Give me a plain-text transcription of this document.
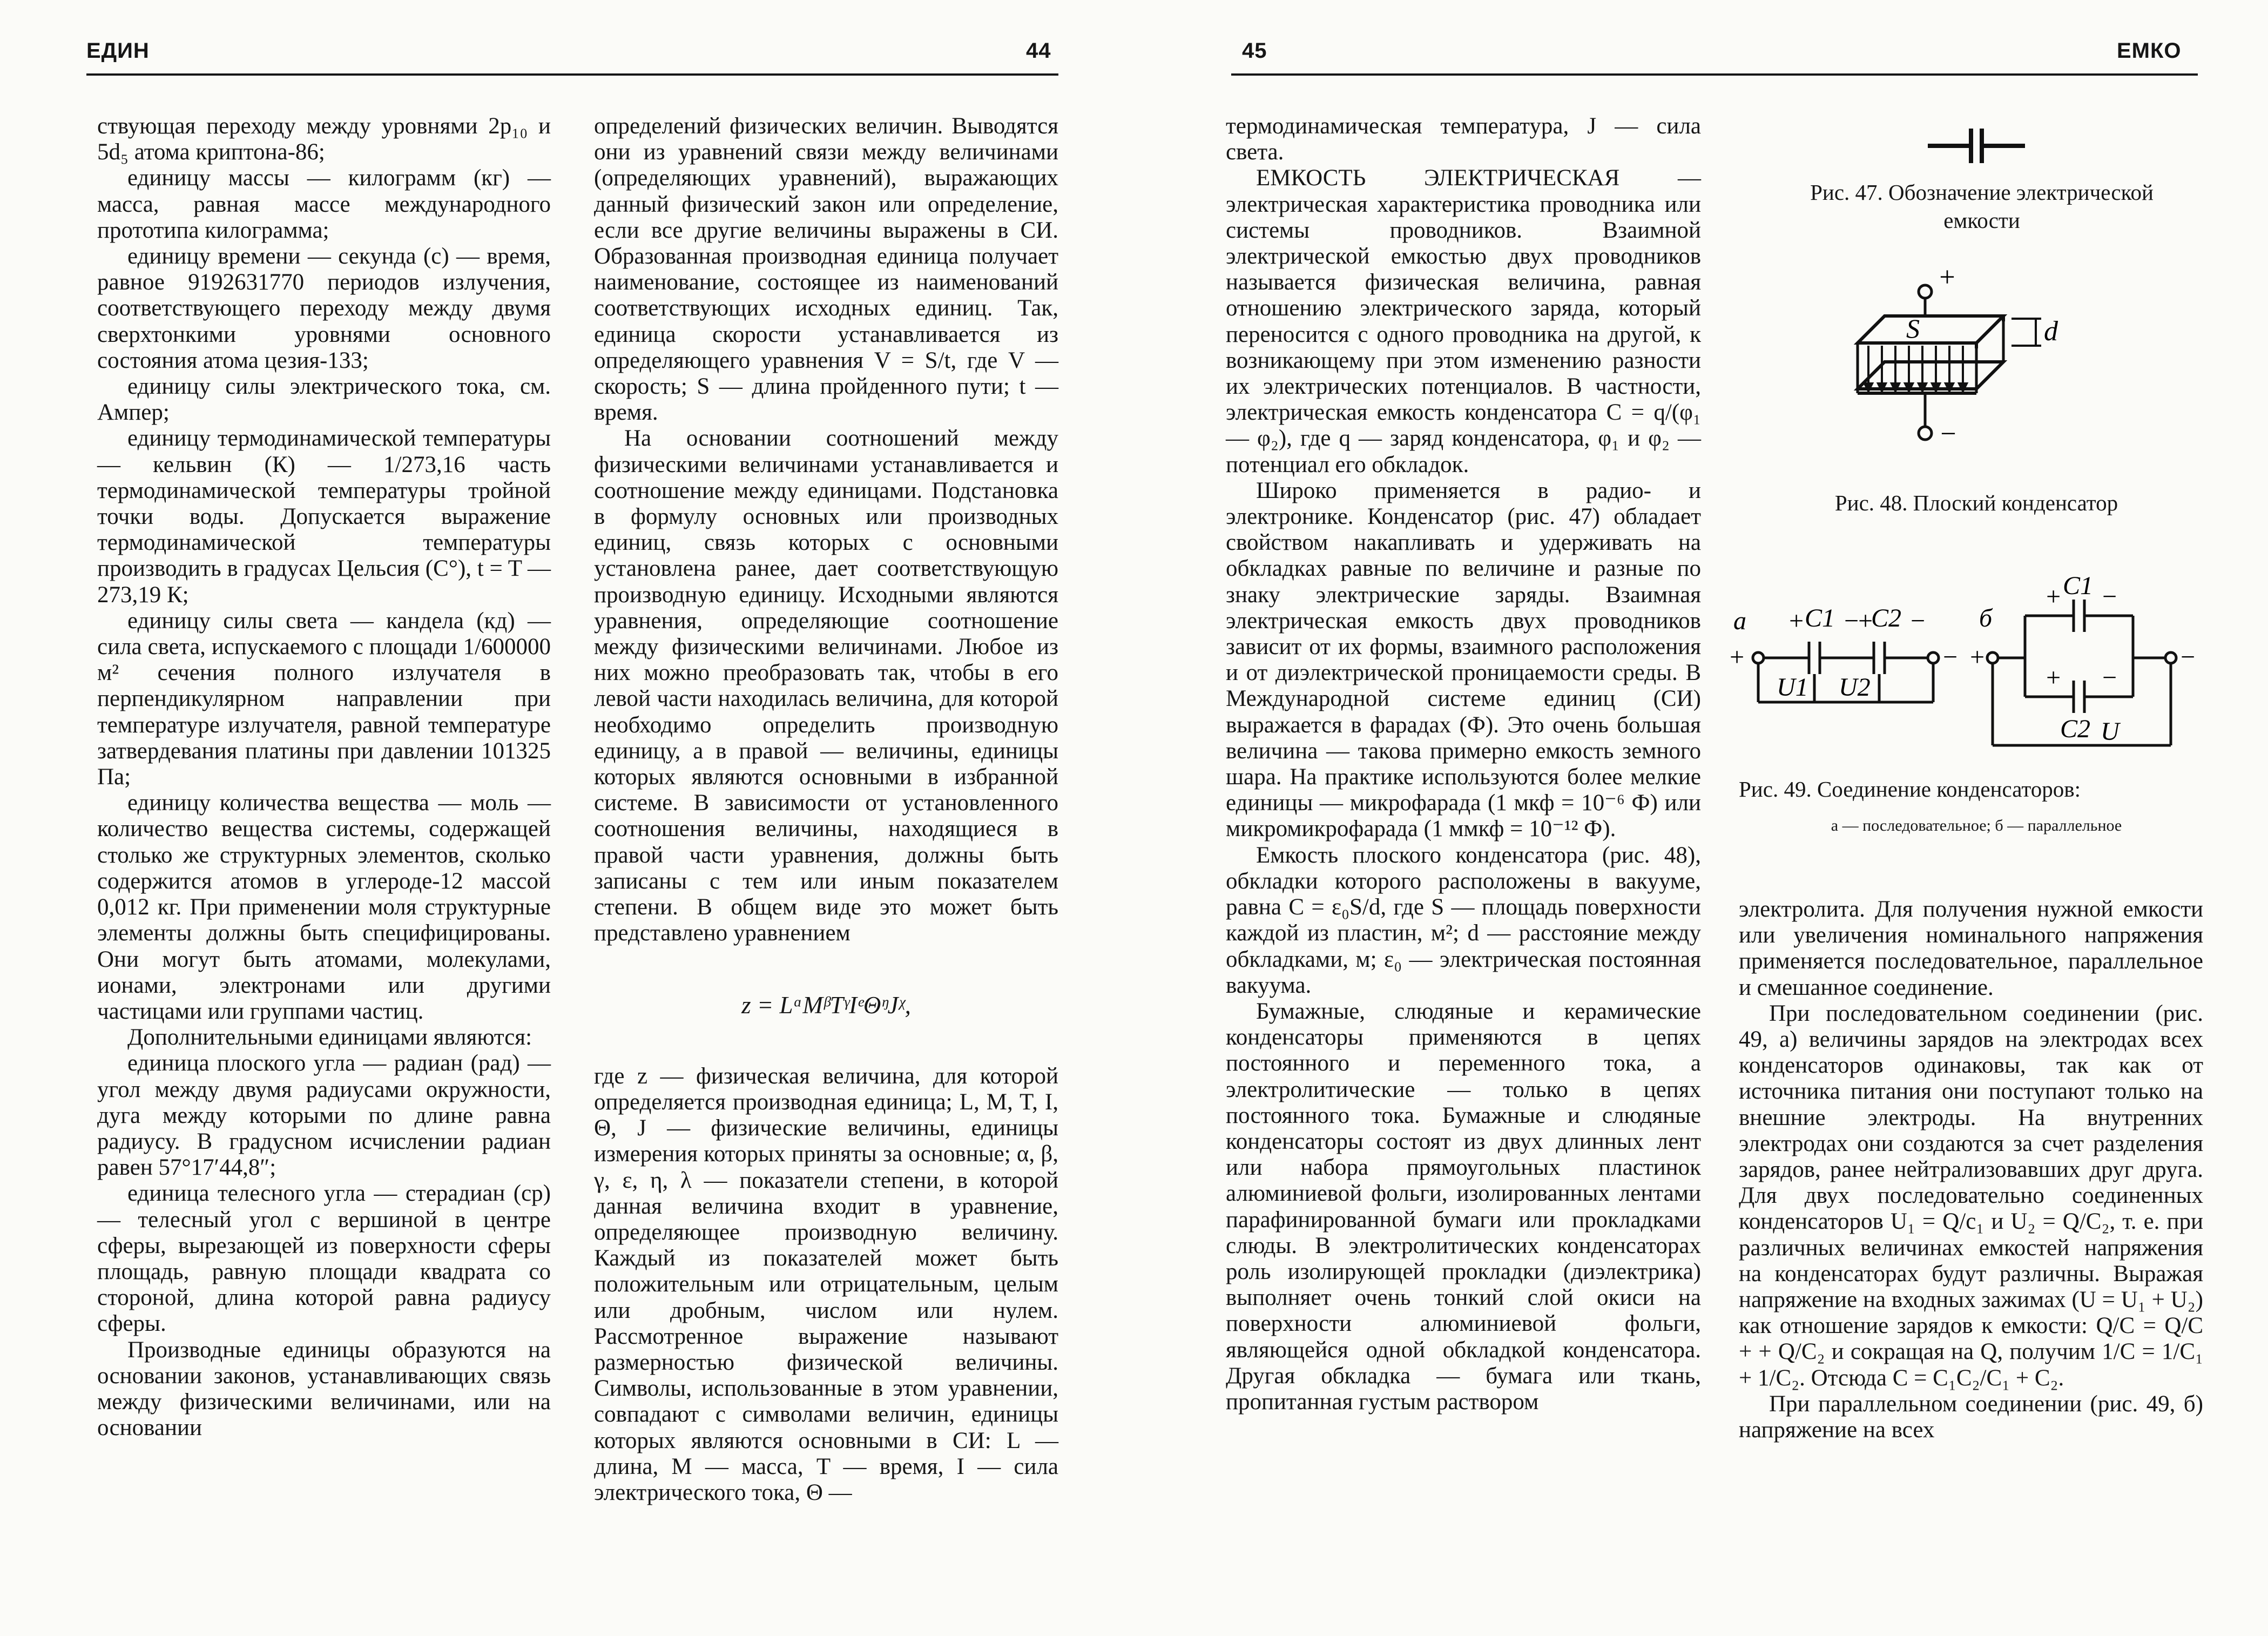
ЕДИН	44

ствующая переходу между уровнями 2p₁₀ и 5d₅ атома криптона-86;

единицу массы — килограмм (кг) — масса, равная массе международного прототипа килограмма;

единицу времени — секунда (с) — время, равное 9192631770 периодов излучения, соответствующего переходу между двумя сверхтонкими уровнями основного состояния атома цезия-133;

единицу силы электрического тока, см. Ампер;

единицу термодинамической температуры — кельвин (К) — 1/273,16 часть термодинамической температуры тройной точки воды. Допускается выражение термодинамической температуры производить в градусах Цельсия (С°), t = T — 273,19 К;

единицу силы света — кандела (кд) — сила света, испускаемого с площади 1/600000 м² сечения полного излучателя в перпендикулярном направлении при температуре излучателя, равной температуре затвердевания платины при давлении 101325 Па;

единицу количества вещества — моль — количество вещества системы, содержащей столько же структурных элементов, сколько содержится атомов в углероде-12 массой 0,012 кг. При применении моля структурные элементы должны быть специфицированы. Они могут быть атомами, молекулами, ионами, электронами или другими частицами или группами частиц.

Дополнительными единицами являются:

единица плоского угла — радиан (рад) — угол между двумя радиусами окружности, дуга между которыми по длине равна радиусу. В градусном исчислении радиан равен 57°17′44,8″;

единица телесного угла — стерадиан (ср) — телесный угол с вершиной в центре сферы, вырезающей из поверхности сферы площадь, равную площади квадрата со стороной, длина которой равна радиусу сферы.

Производные единицы образуются на основании законов, устанавливающих связь между физическими величинами, или на основании

определений физических величин. Выводятся они из уравнений связи между величинами (определяющих уравнений), выражающих данный физический закон или определение, если все другие величины выражены в СИ. Образованная производная единица получает наименование, состоящее из наименований соответствующих исходных единиц. Так, единица скорости устанавливается из определяющего уравнения V = S/t, где V — скорость; S — длина пройденного пути; t — время.

На основании соотношений между физическими величинами устанавливается и соотношение между единицами. Подстановка в формулу основных или производных единиц, связь которых с основными установлена ранее, дает соответствующую производную единицу. Исходными являются уравнения, определяющие соотношение между физическими величинами. Любое из них можно преобразовать так, чтобы в его левой части находилась величина, для которой необходимо определить производную единицу, а в правой — величины, единицы которых являются основными в избранной системе. В зависимости от установленного соотношения величины, находящиеся в правой части уравнения, должны быть записаны с тем или иным показателем степени. В общем виде это может быть представлено уравнением

z = LᵅMᵝTᵞIᵉΘᵑJᵡ,

где z — физическая величина, для которой определяется производная единица; L, M, T, I, Θ, J — физические величины, единицы измерения которых приняты за основные; α, β, γ, ε, η, λ — показатели степени, в которой данная величина входит в уравнение, определяющее производную величину. Каждый из показателей может быть положительным или отрицательным, целым или дробным, числом или нулем. Рассмотренное выражение называют размерностью физической величины. Символы, использованные в этом уравнении, совпадают с символами величин, единицы которых являются основными в СИ: L — длина, M — масса, T — время, I — сила электрического тока, Θ —

45	ЕМКО

термодинамическая температура, J — сила света.

ЕМКОСТЬ ЭЛЕКТРИЧЕСКАЯ — электрическая характеристика проводника или системы проводников. Взаимной электрической емкостью двух проводников называется физическая величина, равная отношению электрического заряда, который переносится с одного проводника на другой, к возникающему при этом изменению разности их электрических потенциалов. В частности, электрическая емкость конденсатора C = q/(φ₁ — φ₂), где q — заряд конденсатора, φ₁ и φ₂ — потенциал его обкладок.

Широко применяется в радио- и электронике. Конденсатор (рис. 47) обладает свойством накапливать и удерживать на обкладках равные по величине и разные по знаку электрические заряды. Взаимная электрическая емкость двух проводников зависит от их формы, взаимного расположения и от диэлектрической проницаемости среды. В Международной системе единиц (СИ) выражается в фарадах (Ф). Это очень большая величина — такова примерно емкость земного шара. На практике используются более мелкие единицы — микрофарада (1 мкф = 10⁻⁶ Ф) или микромикрофарада (1 ммкф = 10⁻¹² Ф).

Емкость плоского конденсатора (рис. 48), обкладки которого расположены в вакууме, равна C = ε₀S/d, где S — площадь поверхности каждой из пластин, м²; d — расстояние между обкладками, м; ε₀ — электрическая постоянная вакуума.

Бумажные, слюдяные и керамические конденсаторы применяются в цепях постоянного и переменного тока, а электролитические — только в цепях постоянного тока. Бумажные и слюдяные конденсаторы состоят из двух длинных лент или набора прямоугольных пластинок алюминиевой фольги, изолированных лентами парафинированной бумаги или прокладками слюды. В электролитических конденсаторах роль изолирующей прокладки (диэлектрика) выполняет очень тонкий слой окиси на поверхности алюминиевой фольги, являющейся одной обкладкой конденсатора. Другая обкладка — бумага или ткань, пропитанная густым раствором

Рис. 47. Обозначение электрической емкости
+
S	d
−
Рис. 48. Плоский конденсатор
а + C1 −
+
C2 −
+	−
U1 U2
б
+ C1 −
+ −
+	−
C2 U
Рис. 49. Соединение конденсаторов:
а — последовательное; б — параллельное

электролита. Для получения нужной емкости или увеличения номинального напряжения применяется последовательное, параллельное и смешанное соединение.

При последовательном соединении (рис. 49, а) величины зарядов на электродах всех конденсаторов одинаковы, так как от источника питания они поступают только на внешние электроды. На внутренних электродах они создаются за счет разделения зарядов, ранее нейтрализовавших друг друга. Для двух последовательно соединенных конденсаторов U₁ = Q/c₁ и U₂ = Q/C₂, т. е. при различных величинах емкостей напряжения на конденсаторах будут различны. Выражая напряжение на входных зажимах (U = U₁ + U₂) как отношение зарядов к емкости: Q/C = Q/C + + Q/C₂ и сокращая на Q, получим 1/C = 1/C₁ + 1/C₂. Отсюда C = C₁C₂/C₁ + C₂.

При параллельном соединении (рис. 49, б) напряжение на всех
